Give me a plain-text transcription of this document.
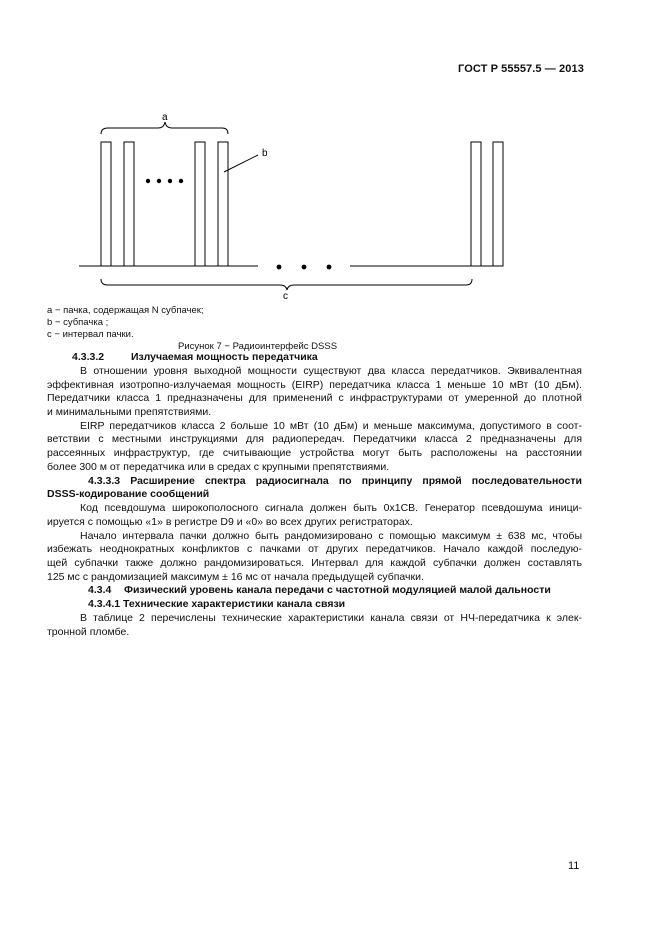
ГОСТ Р 55557.5 — 2013
a
b
c
a − пачка, содержащая N субпачек;
b − субпачка ;
c − интервал пачки.
Рисунок 7 − Радиоинтерфейс DSSS
4.3.3.2	Излучаемая мощность передатчика
В отношении уровня выходной мощности существуют два класса передатчиков. Эквивалентная
эффективная изотропно-излучаемая мощность (EIRP) передатчика класса 1 меньше 10 мВт (10 дБм).
Передатчики класса 1 предназначены для применений с инфраструктурами от умеренной до плотной
и минимальными препятствиями.
EIRP передатчиков класса 2 больше 10 мВт (10 дБм) и меньше максимума, допустимого в соот-
ветствии с местными инструкциями для радиопередач. Передатчики класса 2 предназначены для
рассеянных инфраструктур, где считывающие устройства могут быть расположены на расстоянии
более 300 м от передатчика или в средах с крупными препятствиями.
4.3.3.3 Расширение спектра радиосигнала по принципу прямой последовательности
DSSS-кодирование сообщений
Код псевдошума широкополосного сигнала должен быть 0x1CB. Генератор псевдошума иници-
ируется с помощью «1» в регистре D9 и «0» во всех других регистраторах.
Начало интервала пачки должно быть рандомизировано с помощью максимум ± 638 мс, чтобы
избежать неоднократных конфликтов с пачками от других передатчиков. Начало каждой последую-
щей субпачки также должно рандомизироваться. Интервал для каждой субпачки должен составлять
125 мс с рандомизацией максимум ± 16 мс от начала предыдущей субпачки.
4.3.4	Физический уровень канала передачи с частотной модуляцией малой дальности
4.3.4.1 Технические характеристики канала связи
В таблице 2 перечислены технические характеристики канала связи от НЧ-передатчика к элек-
тронной пломбе.
11
